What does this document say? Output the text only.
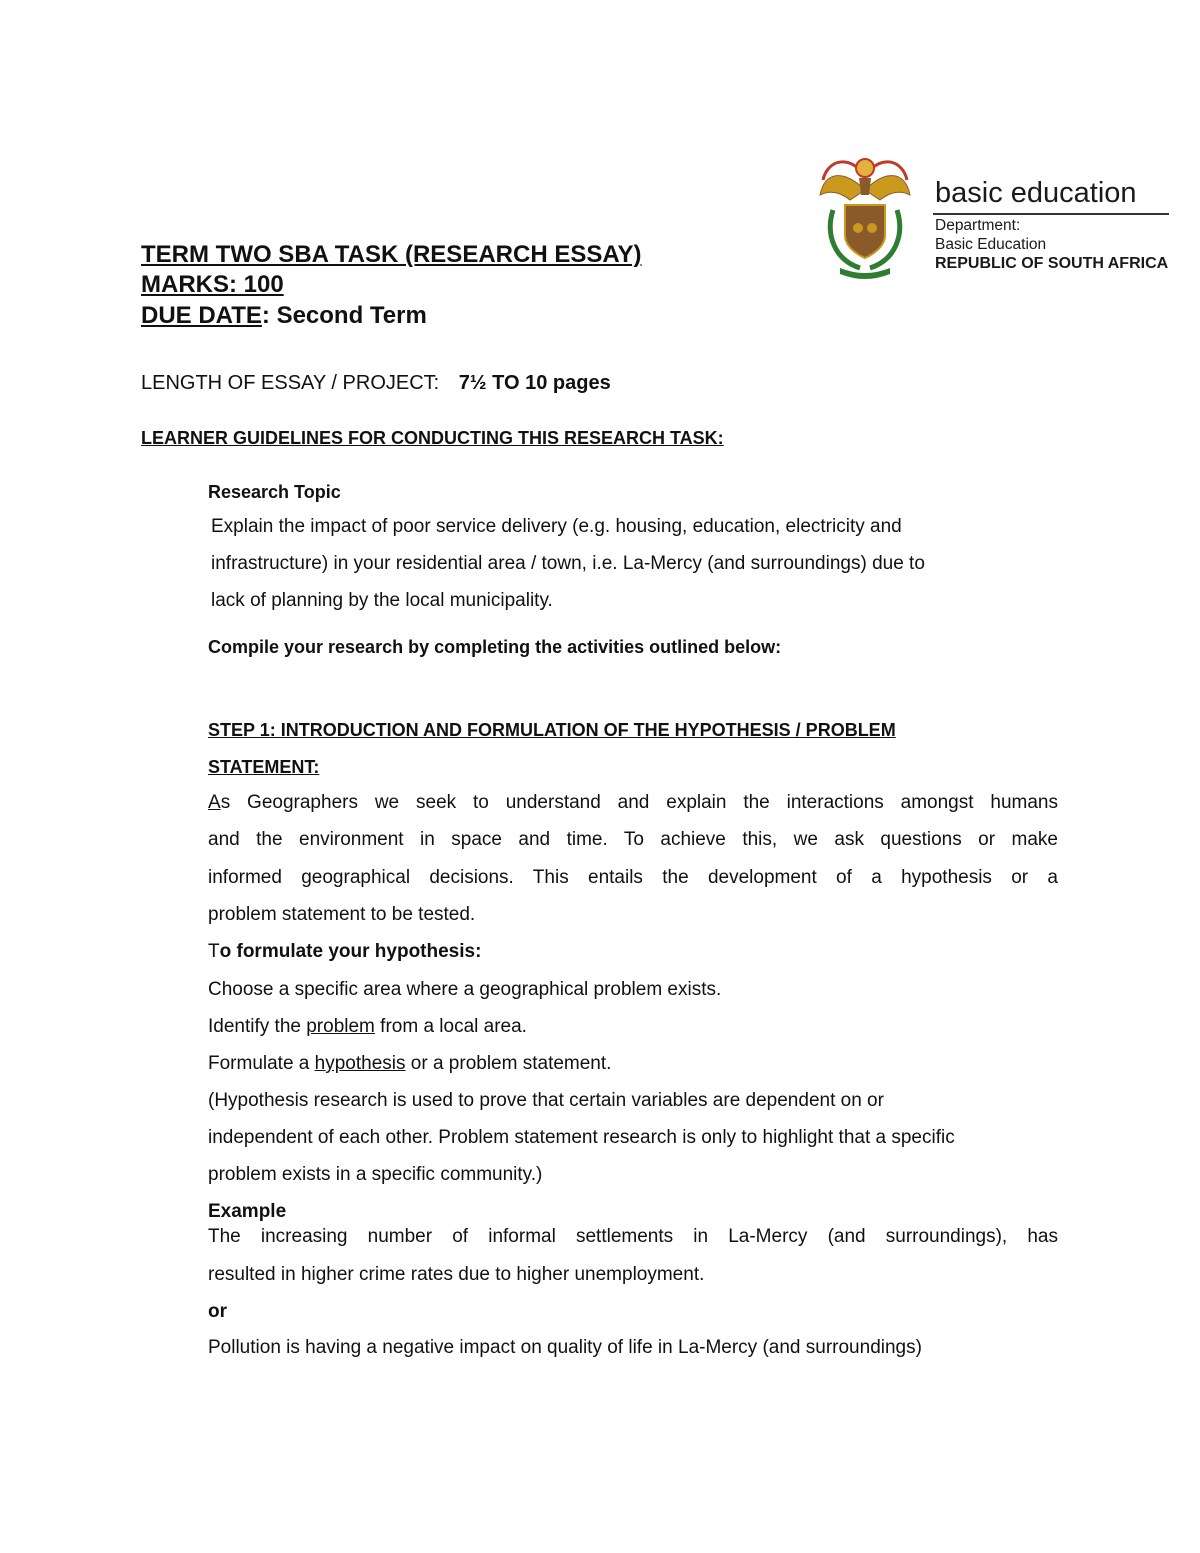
basic education
Department:
Basic Education
REPUBLIC OF SOUTH AFRICA
TERM TWO SBA TASK (RESEARCH ESSAY)
MARKS: 100
DUE DATE: Second Term
LENGTH OF ESSAY / PROJECT: 7½ TO 10 pages
LEARNER GUIDELINES FOR CONDUCTING THIS RESEARCH TASK:
Research Topic
Explain the impact of poor service delivery (e.g. housing, education, electricity and
infrastructure) in your residential area / town, i.e. La-Mercy (and surroundings) due to
lack of planning by the local municipality.
Compile your research by completing the activities outlined below:
STEP 1: INTRODUCTION AND FORMULATION OF THE HYPOTHESIS / PROBLEM
STATEMENT:
As Geographers we seek to understand and explain the interactions amongst humans
and the environment in space and time. To achieve this, we ask questions or make
informed geographical decisions. This entails the development of a hypothesis or a
problem statement to be tested.
To formulate your hypothesis:
Choose a specific area where a geographical problem exists.
Identify the problem from a local area.
Formulate a hypothesis or a problem statement.
(Hypothesis research is used to prove that certain variables are dependent on or
independent of each other. Problem statement research is only to highlight that a specific
problem exists in a specific community.)
Example
The increasing number of informal settlements in La-Mercy (and surroundings), has
resulted in higher crime rates due to higher unemployment.
or
Pollution is having a negative impact on quality of life in La-Mercy (and surroundings)
